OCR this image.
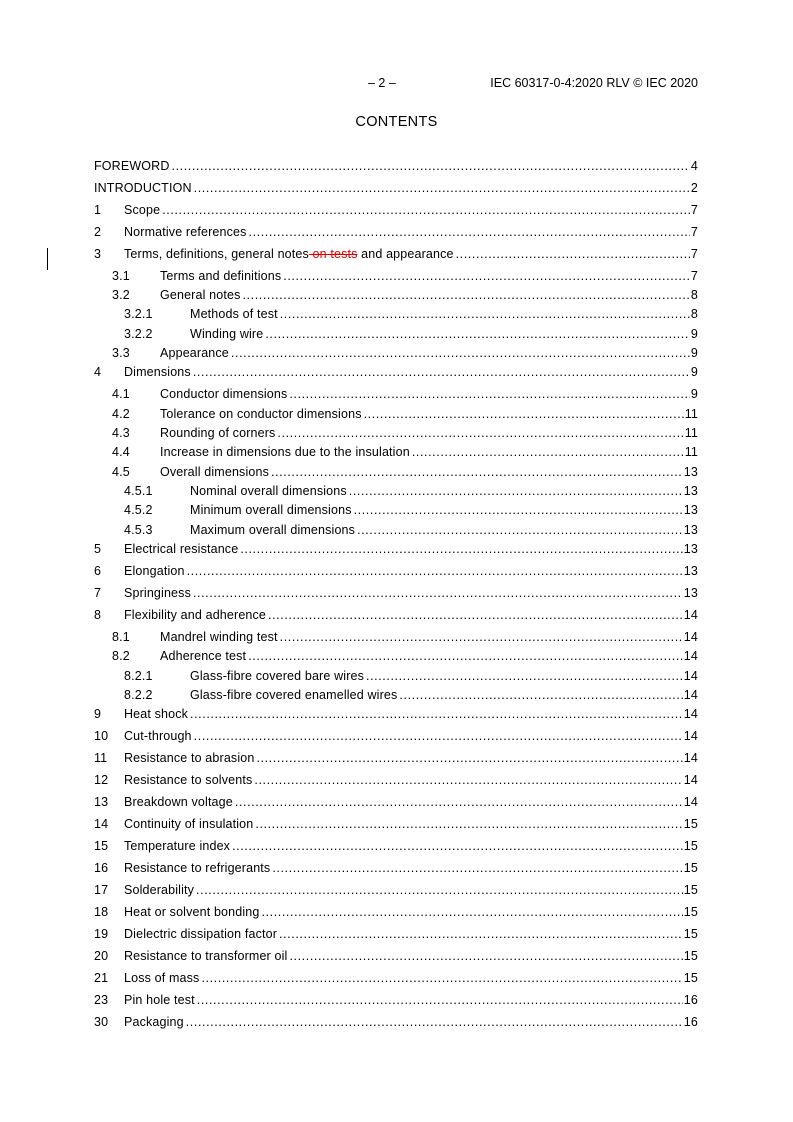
– 2 –	IEC 60317-0-4:2020 RLV © IEC 2020
CONTENTS
FOREWORD .....	4
INTRODUCTION .....	2
1	Scope .....	7
2	Normative references .....	7
3	Terms, definitions, general notes on tests and appearance .....	7
3.1	Terms and definitions .....	7
3.2	General notes .....	8
3.2.1	Methods of test .....	8
3.2.2	Winding wire .....	9
3.3	Appearance .....	9
4	Dimensions .....	9
4.1	Conductor dimensions .....	9
4.2	Tolerance on conductor dimensions .....	11
4.3	Rounding of corners .....	11
4.4	Increase in dimensions due to the insulation .....	11
4.5	Overall dimensions .....	13
4.5.1	Nominal overall dimensions .....	13
4.5.2	Minimum overall dimensions .....	13
4.5.3	Maximum overall dimensions .....	13
5	Electrical resistance .....	13
6	Elongation .....	13
7	Springiness .....	13
8	Flexibility and adherence .....	14
8.1	Mandrel winding test .....	14
8.2	Adherence test .....	14
8.2.1	Glass-fibre covered bare wires .....	14
8.2.2	Glass-fibre covered enamelled wires .....	14
9	Heat shock .....	14
10	Cut-through .....	14
11	Resistance to abrasion .....	14
12	Resistance to solvents .....	14
13	Breakdown voltage .....	14
14	Continuity of insulation .....	15
15	Temperature index .....	15
16	Resistance to refrigerants .....	15
17	Solderability .....	15
18	Heat or solvent bonding .....	15
19	Dielectric dissipation factor .....	15
20	Resistance to transformer oil .....	15
21	Loss of mass .....	15
23	Pin hole test .....	16
30	Packaging .....	16
